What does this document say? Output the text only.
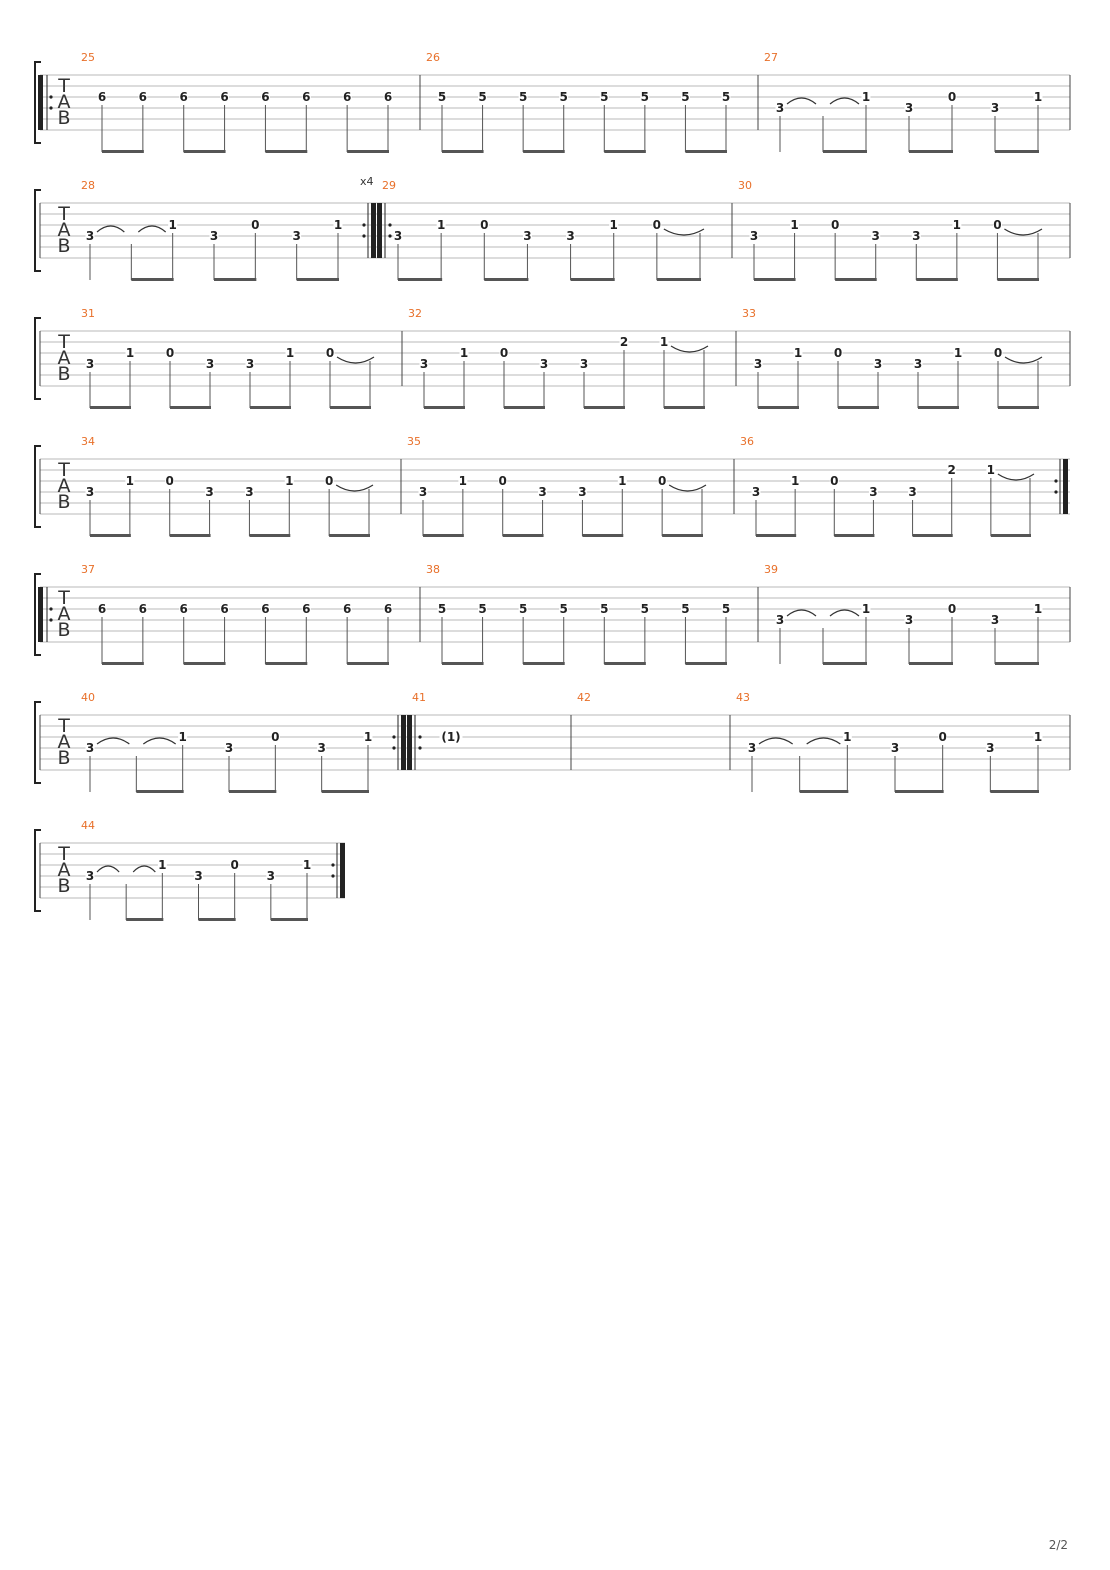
T
A
B
25
6	6	6	6	6	6	6	6
26
5	5	5	5	5	5	5	5
27
3
1
3
0
3
1
T
A
B
28	x4
3
1
3
0
3
1
29
3
1	0
3	3
1	0
30
3
1	0
3	3
1	0
T
A
B
31
3
1	0
3	3
1	0
32
3
1	0
3	3
2	1
33
3
1	0
3	3
1	0
T
A
B
34
3
1	0
3	3
1	0
35
3
1	0
3	3
1	0
36
3
1	0
3	3
2	1
T
A
B
37
6	6	6	6	6	6	6	6
38
5	5	5	5	5	5	5	5
39
3
1
3
0
3
1
T
A
B
40
3
1
3
0
3
1
41
(1)
42	43
3
1
3
0
3
1
T
A
B
44
3
1
3
0
3
1
2/2
